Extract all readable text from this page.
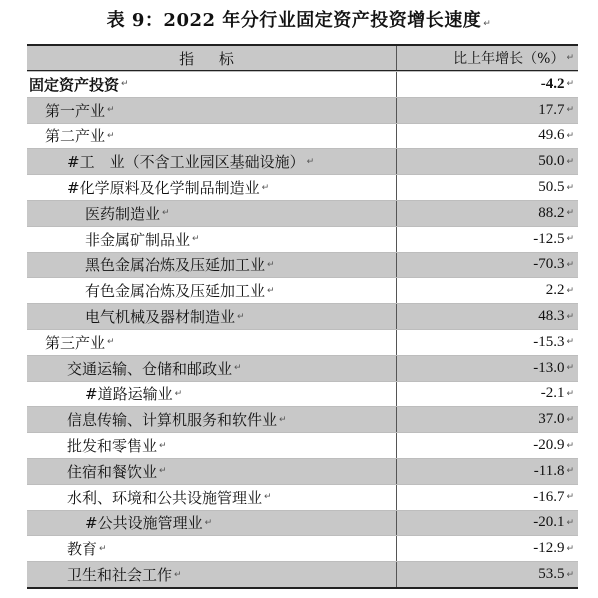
表 9：2022 年分行业固定资产投资增长速度 ↵
指 标	比上年增长（%） ↵
固定资产投资 ↵	-4.2 ↵
第一产业 ↵	17.7 ↵
第二产业 ↵	49.6 ↵
#工　业（不含工业园区基础设施） ↵	50.0 ↵
#化学原料及化学制品制造业 ↵	50.5 ↵
医药制造业 ↵	88.2 ↵
非金属矿制品业 ↵	-12.5 ↵
黑色金属冶炼及压延加工业 ↵	-70.3 ↵
有色金属冶炼及压延加工业 ↵	2.2 ↵
电气机械及器材制造业 ↵	48.3 ↵
第三产业 ↵	-15.3 ↵
交通运输、仓储和邮政业 ↵	-13.0 ↵
#道路运输业 ↵	-2.1 ↵
信息传输、计算机服务和软件业 ↵	37.0 ↵
批发和零售业 ↵	-20.9 ↵
住宿和餐饮业 ↵	-11.8 ↵
水利、环境和公共设施管理业 ↵	-16.7 ↵
#公共设施管理业 ↵	-20.1 ↵
教育 ↵	-12.9 ↵
卫生和社会工作 ↵	53.5 ↵
